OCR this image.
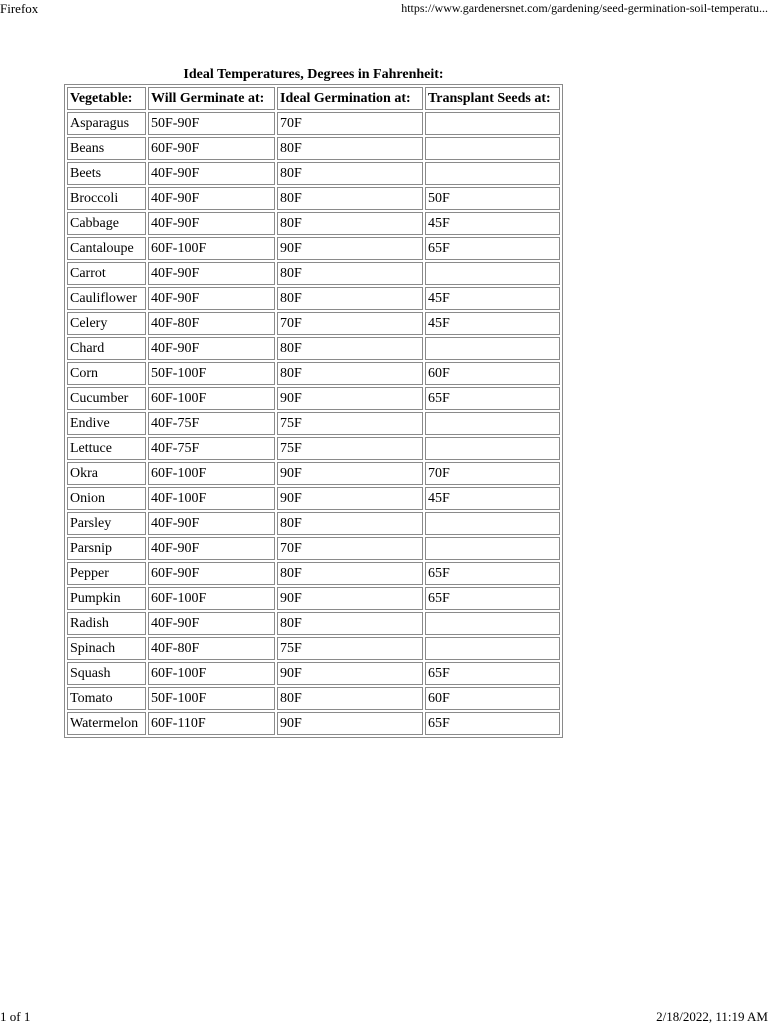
Firefox	https://www.gardenersnet.com/gardening/seed-germination-soil-temperatu...
Ideal Temperatures, Degrees in Fahrenheit:
Vegetable:	Will Germinate at:	Ideal Germination at:	Transplant Seeds at:
Asparagus	50F-90F	70F	
Beans	60F-90F	80F	
Beets	40F-90F	80F	
Broccoli	40F-90F	80F	50F
Cabbage	40F-90F	80F	45F
Cantaloupe	60F-100F	90F	65F
Carrot	40F-90F	80F	
Cauliflower	40F-90F	80F	45F
Celery	40F-80F	70F	45F
Chard	40F-90F	80F	
Corn	50F-100F	80F	60F
Cucumber	60F-100F	90F	65F
Endive	40F-75F	75F	
Lettuce	40F-75F	75F	
Okra	60F-100F	90F	70F
Onion	40F-100F	90F	45F
Parsley	40F-90F	80F	
Parsnip	40F-90F	70F	
Pepper	60F-90F	80F	65F
Pumpkin	60F-100F	90F	65F
Radish	40F-90F	80F	
Spinach	40F-80F	75F	
Squash	60F-100F	90F	65F
Tomato	50F-100F	80F	60F
Watermelon	60F-110F	90F	65F
1 of 1	2/18/2022, 11:19 AM
